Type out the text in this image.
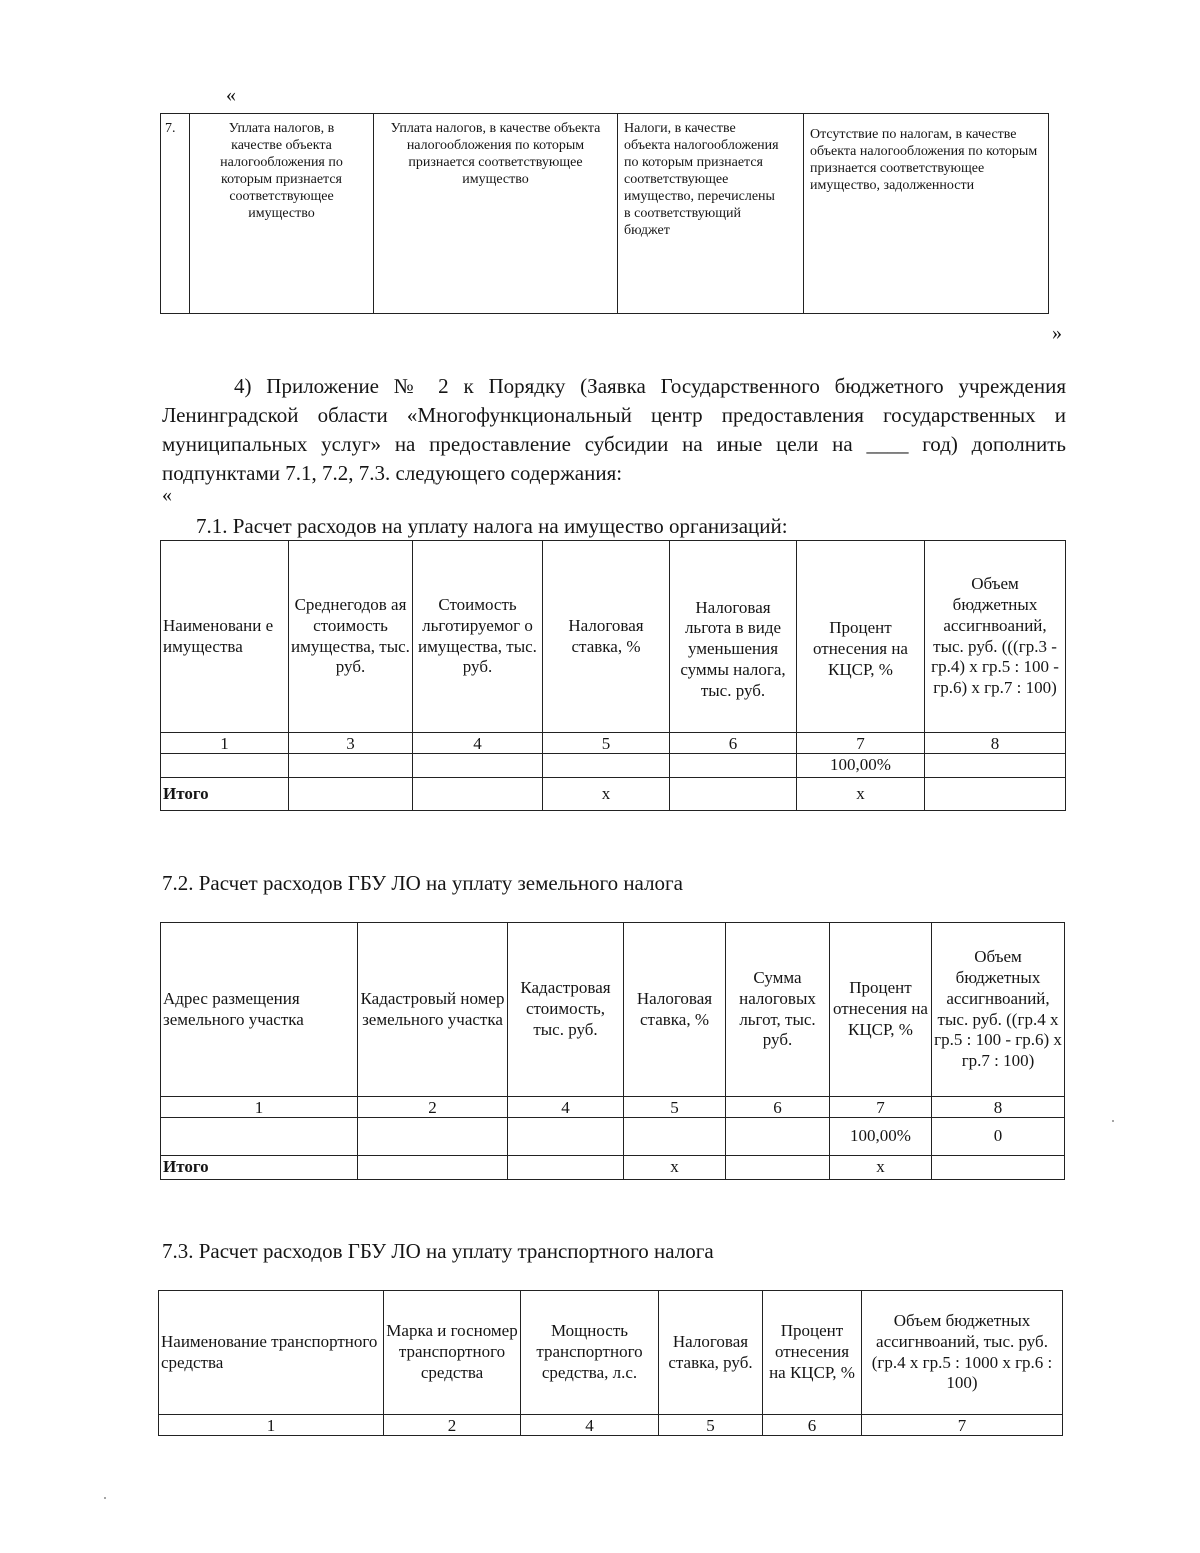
«
7.	Уплата налогов, в качестве объекта налогообложения по которым признается соответствующее имущество	Уплата налогов, в качестве объекта налогообложения по которым признается соответствующее имущество	Налоги, в качестве объекта налогообложения по которым признается соответствующее имущество, перечислены в соответствующий бюджет	Отсутствие по налогам, в качестве объекта налогообложения по которым признается соответствующее имущество, задолженности
»
4) Приложение № 2 к Порядку (Заявка Государственного бюджетного учреждения Ленинградской области «Многофункциональный центр предоставления государственных и муниципальных услуг» на предоставление субсидии на иные цели на ____ год) дополнить подпунктами 7.1, 7.2, 7.3. следующего содержания:
«
7.1. Расчет расходов на уплату налога на имущество организаций:
Наименовани е имущества	Среднегодов ая стоимость имущества, тыс. руб.	Стоимость льготируемог о имущества, тыс. руб.	Налоговая ставка, %	Налоговая льгота в виде уменьшения суммы налога, тыс. руб.	Процент отнесения на КЦСР, %	Объем бюджетных ассигнвоаний, тыс. руб. (((гр.3 - гр.4) х гр.5 : 100 - гр.6) х гр.7 : 100)
1	3	4	5	6	7	8
					100,00%	
Итого			х		х	
7.2. Расчет расходов ГБУ ЛО на уплату земельного налога
Адрес размещения земельного участка	Кадастровый номер земельного участка	Кадастровая стоимость, тыс. руб.	Налоговая ставка, %	Сумма налоговых льгот, тыс. руб.	Процент отнесения на КЦСР, %	Объем бюджетных ассигнвоаний, тыс. руб. ((гр.4 х гр.5 : 100 - гр.6) х гр.7 : 100)
1	2	4	5	6	7	8
					100,00%	0
Итого			х		х	
7.3. Расчет расходов ГБУ ЛО на уплату транспортного налога
Наименование транспортного средства	Марка и госномер транспортного средства	Мощность транспортного средства, л.с.	Налоговая ставка, руб.	Процент отнесения на КЦСР, %	Объем бюджетных ассигнвоаний, тыс. руб. (гр.4 х гр.5 : 1000 х гр.6 : 100)
1	2	4	5	6	7
